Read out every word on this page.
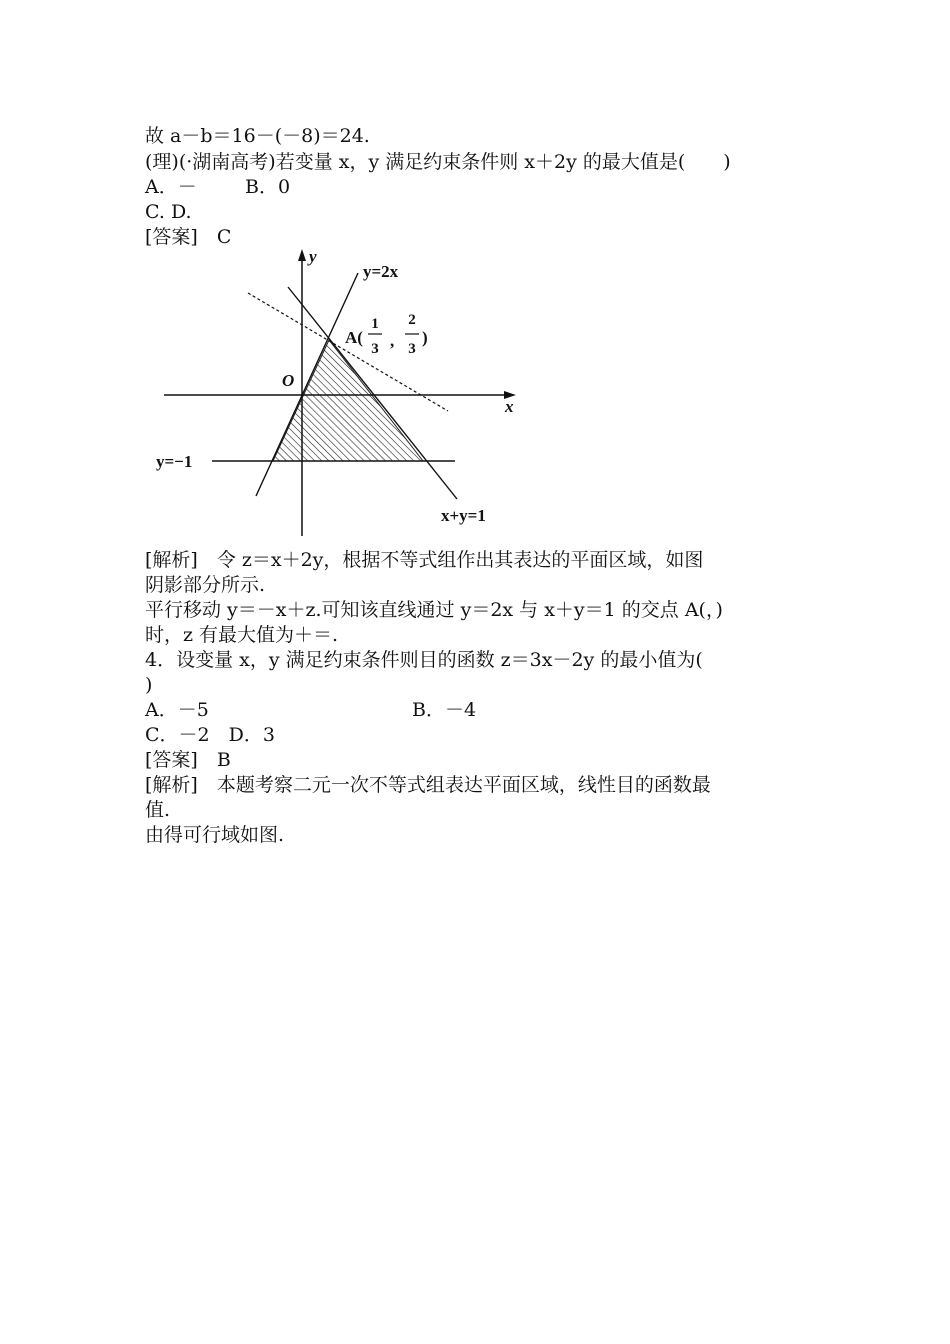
故 a－b＝16－(－8)＝24.
(理)(·湖南高考)若变量 x，y 满足约束条件则 x＋2y 的最大值是(　　)
A．－	B．0
C. D.
[答案]　C
y
x
O
y=2x
x+y=1
y=−1
A(
1
3 ,
2
3
)
[解析]　令 z＝x＋2y，根据不等式组作出其表达的平面区域，如图
阴影部分所示.
平行移动 y＝－x＋z.可知该直线通过 y＝2x 与 x＋y＝1 的交点 A(，)
时，z 有最大值为＋＝.
4．设变量 x，y 满足约束条件则目的函数 z＝3x－2y 的最小值为(
)
A．－5	B．－4
C．－2　D．3
[答案]　B
[解析]　本题考察二元一次不等式组表达平面区域，线性目的函数最
值.
由得可行域如图.
